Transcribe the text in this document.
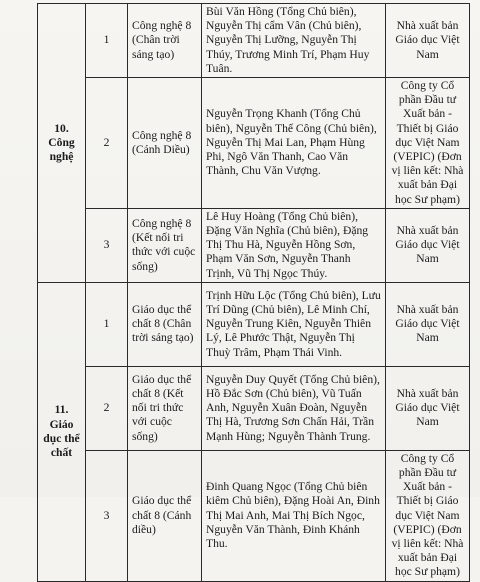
10. Công nghệ	1	Công nghệ 8 (Chân trời sáng tạo)	Bùi Văn Hồng (Tổng Chủ biên), Nguyễn Thị cẩm Vân (Chủ biên), Nguyễn Thị Lưỡng, Nguyễn Thị Thúy, Trương Minh Trí, Phạm Huy Tuân.	Nhà xuất bản Giáo dục Việt Nam
	2	Công nghệ 8 (Cánh Diều)	Nguyễn Trọng Khanh (Tổng Chủ biên), Nguyễn Thế Công (Chủ biên), Nguyễn Thị Mai Lan, Phạm Hùng Phi, Ngô Văn Thanh, Cao Văn Thành, Chu Văn Vượng.	Công ty Cổ phần Đầu tư Xuất bản - Thiết bị Giáo dục Việt Nam (VEPIC) (Đơn vị liên kết: Nhà xuất bản Đại học Sư phạm)
	3	Công nghệ 8 (Kết nối tri thức với cuộc sống)	Lê Huy Hoàng (Tổng Chủ biên), Đặng Văn Nghĩa (Chủ biên), Đặng Thị Thu Hà, Nguyễn Hồng Sơn, Phạm Văn Sơn, Nguyễn Thanh Trịnh, Vũ Thị Ngọc Thúy.	Nhà xuất bản Giáo dục Việt Nam
11. Giáo dục thể chất	1	Giáo dục thể chất 8 (Chân trời sáng tạo)	Trịnh Hữu Lộc (Tổng Chủ biên), Lưu Trí Dũng (Chủ biên), Lê Minh Chí, Nguyễn Trung Kiên, Nguyễn Thiên Lý, Lê Phước Thật, Nguyễn Thị Thuỳ Trâm, Phạm Thái Vinh.	Nhà xuất bản Giáo dục Việt Nam
	2	Giáo dục thể chất 8 (Kết nối tri thức với cuộc sống)	Nguyễn Duy Quyết (Tổng Chủ biên), Hồ Đắc Sơn (Chủ biên), Vũ Tuấn Anh, Nguyễn Xuân Đoàn, Nguyễn Thị Hà, Trương Sơn Chấn Hải, Trần Mạnh Hùng; Nguyễn Thành Trung.	Nhà xuất bản Giáo dục Việt Nam
	3	Giáo dục thể chất 8 (Cánh diều)	Đinh Quang Ngọc (Tổng Chủ biên kiêm Chủ biên), Đặng Hoài An, Đinh Thị Mai Anh, Mai Thị Bích Ngọc, Nguyễn Văn Thành, Đinh Khánh Thu.	Công ty Cổ phần Đầu tư Xuất bản - Thiết bị Giáo dục Việt Nam (VEPIC) (Đơn vị liên kết: Nhà xuất bản Đại học Sư phạm)
